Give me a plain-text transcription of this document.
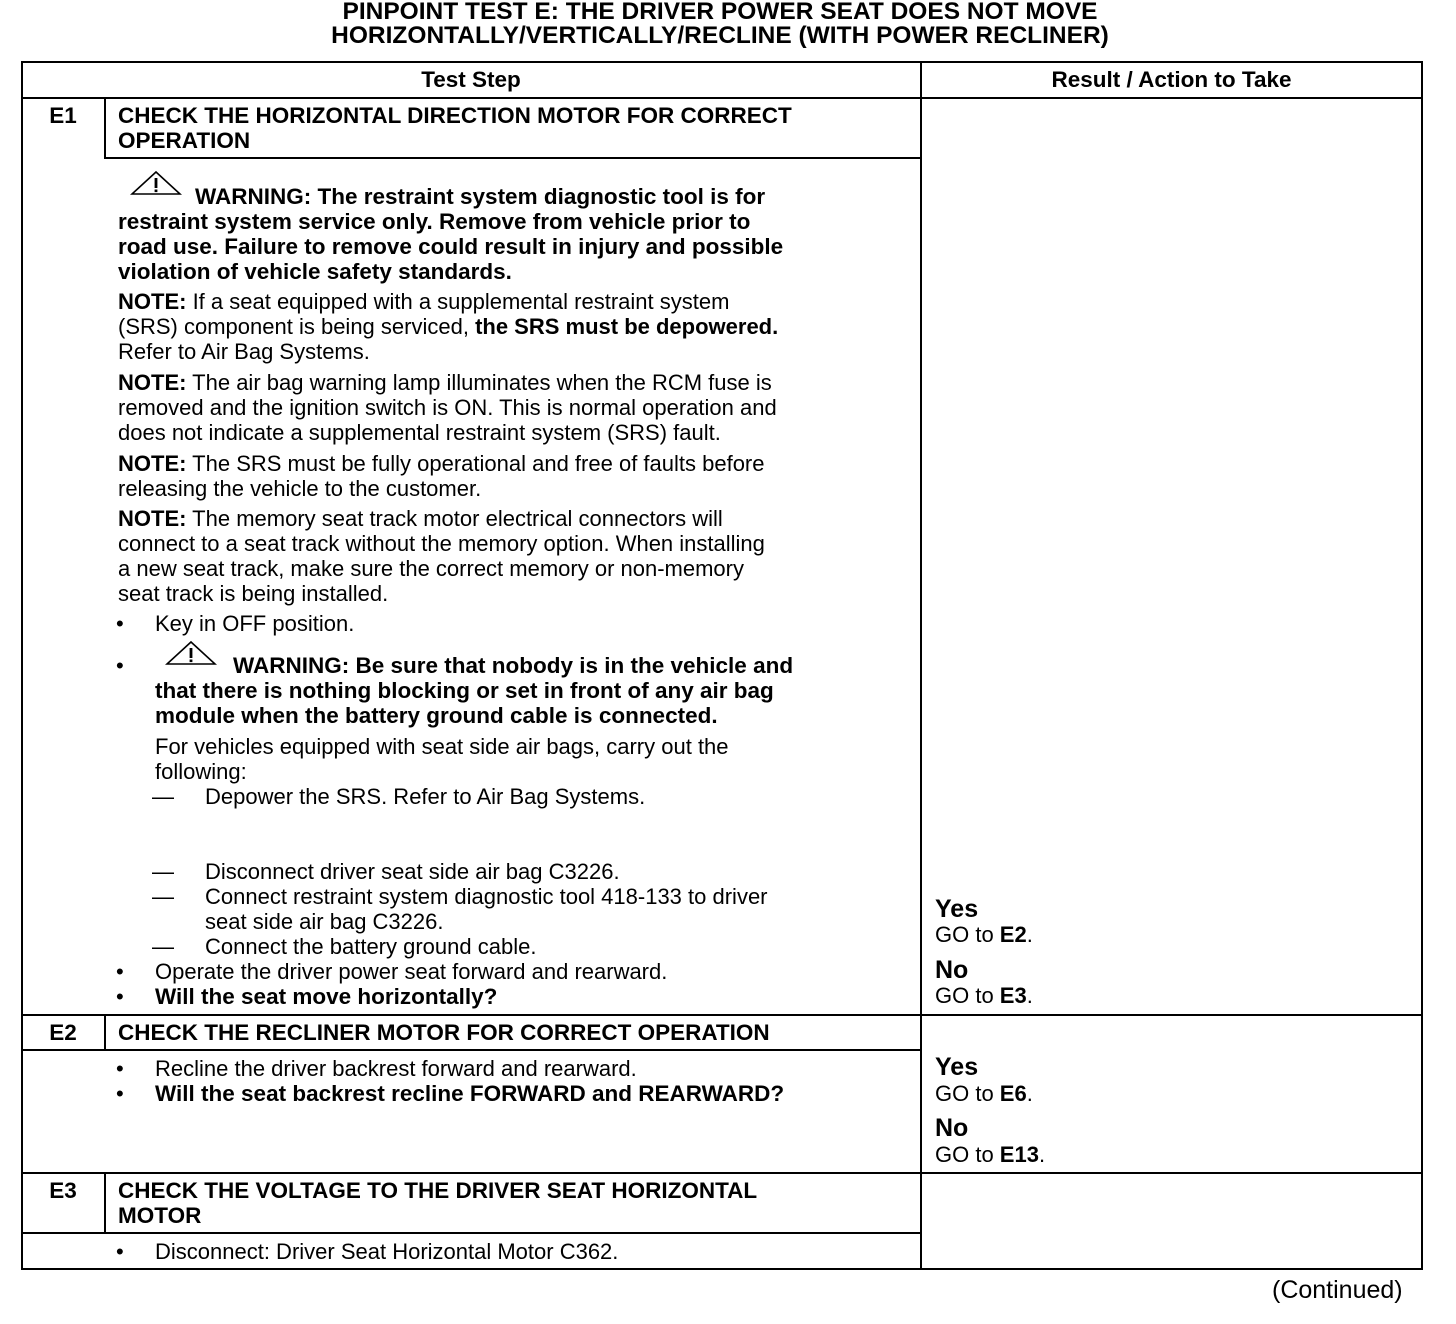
PINPOINT TEST E: THE DRIVER POWER SEAT DOES NOT MOVE
HORIZONTALLY/VERTICALLY/RECLINE (WITH POWER RECLINER)
Test Step	Result / Action to Take
E1	CHECK THE HORIZONTAL DIRECTION MOTOR FOR CORRECT
OPERATION
WARNING: The restraint system diagnostic tool is for
restraint system service only. Remove from vehicle prior to
road use. Failure to remove could result in injury and possible
violation of vehicle safety standards.
NOTE: If a seat equipped with a supplemental restraint system
(SRS) component is being serviced, the SRS must be depowered.
Refer to Air Bag Systems.
NOTE: The air bag warning lamp illuminates when the RCM fuse is
removed and the ignition switch is ON. This is normal operation and
does not indicate a supplemental restraint system (SRS) fault.
NOTE: The SRS must be fully operational and free of faults before
releasing the vehicle to the customer.
NOTE: The memory seat track motor electrical connectors will
connect to a seat track without the memory option. When installing
a new seat track, make sure the correct memory or non-memory
seat track is being installed.
• Key in OFF position.
•	WARNING: Be sure that nobody is in the vehicle and
that there is nothing blocking or set in front of any air bag
module when the battery ground cable is connected.
For vehicles equipped with seat side air bags, carry out the
following:
— Depower the SRS. Refer to Air Bag Systems.
— Disconnect driver seat side air bag C3226.
— Connect restraint system diagnostic tool 418-133 to driver
seat side air bag C3226.
— Connect the battery ground cable.
• Operate the driver power seat forward and rearward.
• Will the seat move horizontally?
Yes
GO to E2.
No
GO to E3.
E2	CHECK THE RECLINER MOTOR FOR CORRECT OPERATION
• Recline the driver backrest forward and rearward.
• Will the seat backrest recline FORWARD and REARWARD?
Yes
GO to E6.
No
GO to E13.
E3	CHECK THE VOLTAGE TO THE DRIVER SEAT HORIZONTAL
MOTOR
• Disconnect: Driver Seat Horizontal Motor C362.
(Continued)
